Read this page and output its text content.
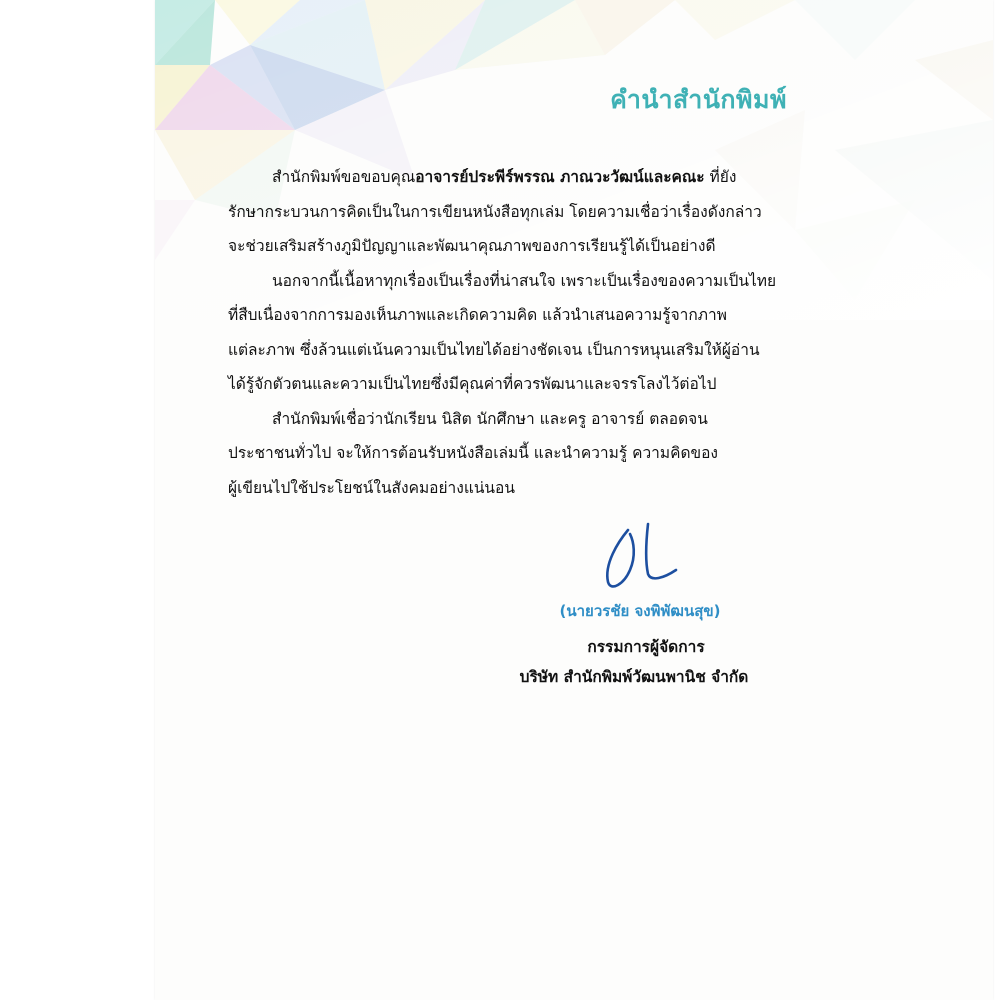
คำนำสำนักพิมพ์

สำนักพิมพ์ขอขอบคุณอาจารย์ประพีร์พรรณ ภาณวะวัฒน์และคณะ ที่ยัง
รักษากระบวนการคิดเป็นในการเขียนหนังสือทุกเล่ม โดยความเชื่อว่าเรื่องดังกล่าว
จะช่วยเสริมสร้างภูมิปัญญาและพัฒนาคุณภาพของการเรียนรู้ได้เป็นอย่างดี

นอกจากนี้เนื้อหาทุกเรื่องเป็นเรื่องที่น่าสนใจ เพราะเป็นเรื่องของความเป็นไทย
ที่สืบเนื่องจากการมองเห็นภาพและเกิดความคิด แล้วนำเสนอความรู้จากภาพ
แต่ละภาพ ซึ่งล้วนแต่เน้นความเป็นไทยได้อย่างชัดเจน เป็นการหนุนเสริมให้ผู้อ่าน
ได้รู้จักตัวตนและความเป็นไทยซึ่งมีคุณค่าที่ควรพัฒนาและจรรโลงไว้ต่อไป

สำนักพิมพ์เชื่อว่านักเรียน นิสิต นักศึกษา และครู อาจารย์ ตลอดจน
ประชาชนทั่วไป จะให้การต้อนรับหนังสือเล่มนี้ และนำความรู้ ความคิดของ
ผู้เขียนไปใช้ประโยชน์ในสังคมอย่างแน่นอน

(นายวรชัย จงพิพัฒนสุข)
กรรมการผู้จัดการ
บริษัท สำนักพิมพ์วัฒนพานิช จำกัด
